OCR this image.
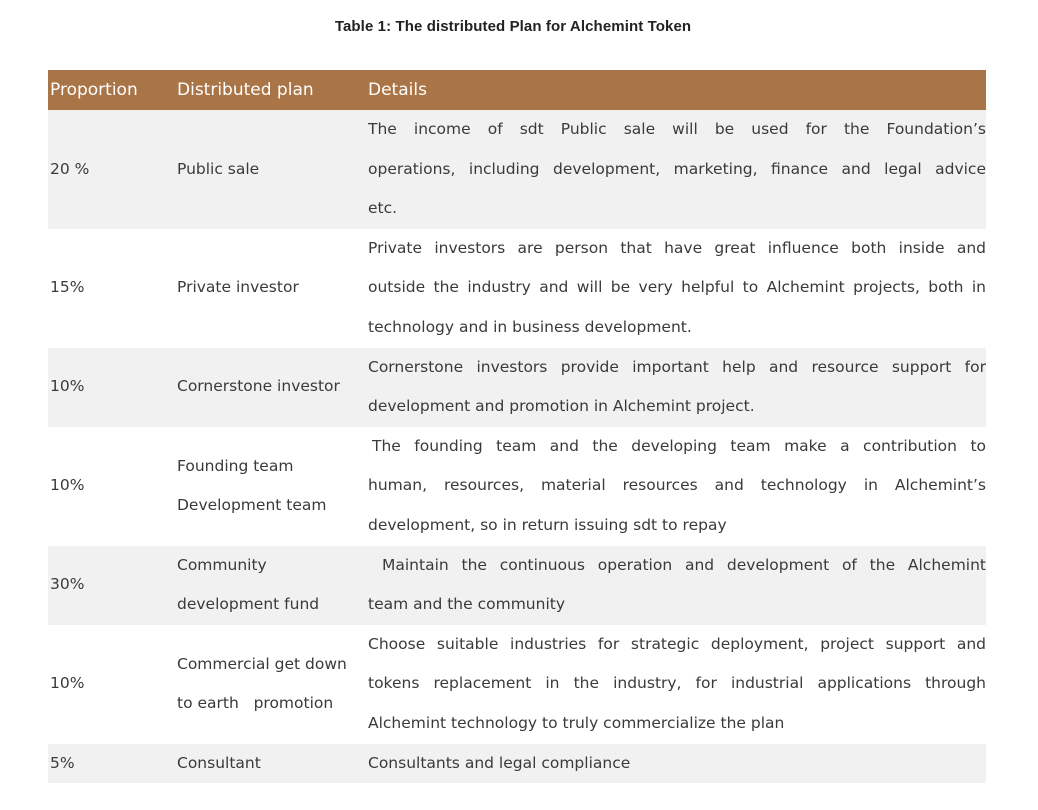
Table 1: The distributed Plan for Alchemint Token
Proportion	Distributed plan	Details
20 %	Public sale	The income of sdt Public sale will be used for the Foundation’s
operations, including development, marketing, finance and legal advice
etc.

15%	Private investor	Private investors are person that have great influence both inside and
outside the industry and will be very helpful to Alchemint projects, both in
technology and in business development.

10%	Cornerstone investor	Cornerstone investors provide important help and resource support for
development and promotion in Alchemint project.

10%	Founding team
Development team	The founding team and the developing team make a contribution to
human, resources, material resources and technology in Alchemint’s
development, so in return issuing sdt to repay

30%	Community
development fund	Maintain the continuous operation and development of the Alchemint
team and the community

10%	Commercial get down
to earth   promotion	Choose suitable industries for strategic deployment, project support and
tokens replacement in the industry, for industrial applications through
Alchemint technology to truly commercialize the plan

5%	Consultant	Consultants and legal compliance
